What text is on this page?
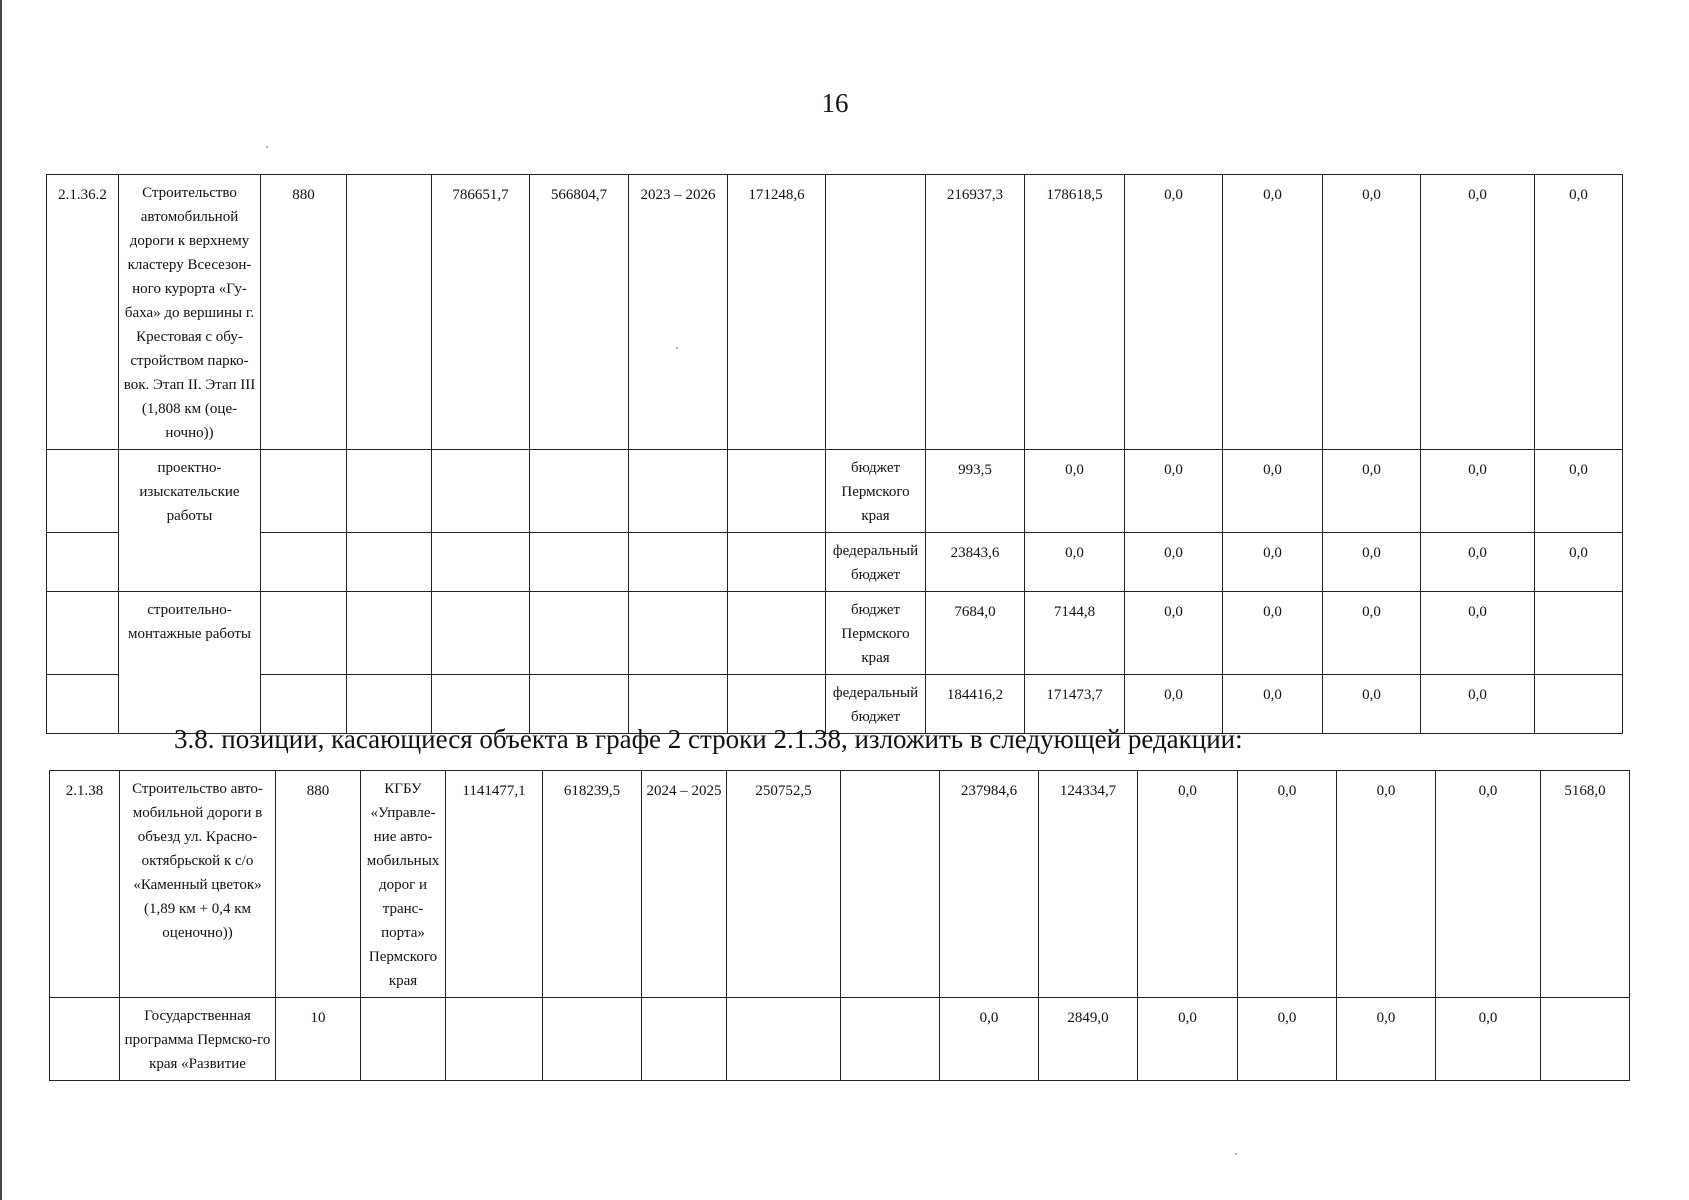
16
2.1.36.2	Строительство автомобильной дороги к верхнему кластеру Всесезон-ного курорта «Гу-баха» до вершины г. Крестовая с обу-стройством парко-вок. Этап II. Этап III (1,808 км (оце-ночно))	880		786651,7	566804,7	2023 – 2026	171248,6		216937,3	178618,5	0,0	0,0	0,0	0,0	0,0
	проектно-изыскательские работы							бюджет Пермского края	993,5	0,0	0,0	0,0	0,0	0,0	0,0
								федеральный бюджет	23843,6	0,0	0,0	0,0	0,0	0,0	0,0
	строительно-монтажные работы							бюджет Пермского края	7684,0	7144,8	0,0	0,0	0,0	0,0	
								федеральный бюджет	184416,2	171473,7	0,0	0,0	0,0	0,0	
3.8. позиции, касающиеся объекта в графе 2 строки 2.1.38, изложить в следующей редакции:
2.1.38	Строительство авто-мобильной дороги в объезд ул. Красно-октябрьской к с/о «Каменный цветок» (1,89 км + 0,4 км оценочно))	880	КГБУ «Управле-ние авто-мобильных дорог и транс-порта» Пермского края	1141477,1	618239,5	2024 – 2025	250752,5		237984,6	124334,7	0,0	0,0	0,0	0,0	5168,0
	Государственная программа Пермско-го края «Развитие	10							0,0	2849,0	0,0	0,0	0,0	0,0	
